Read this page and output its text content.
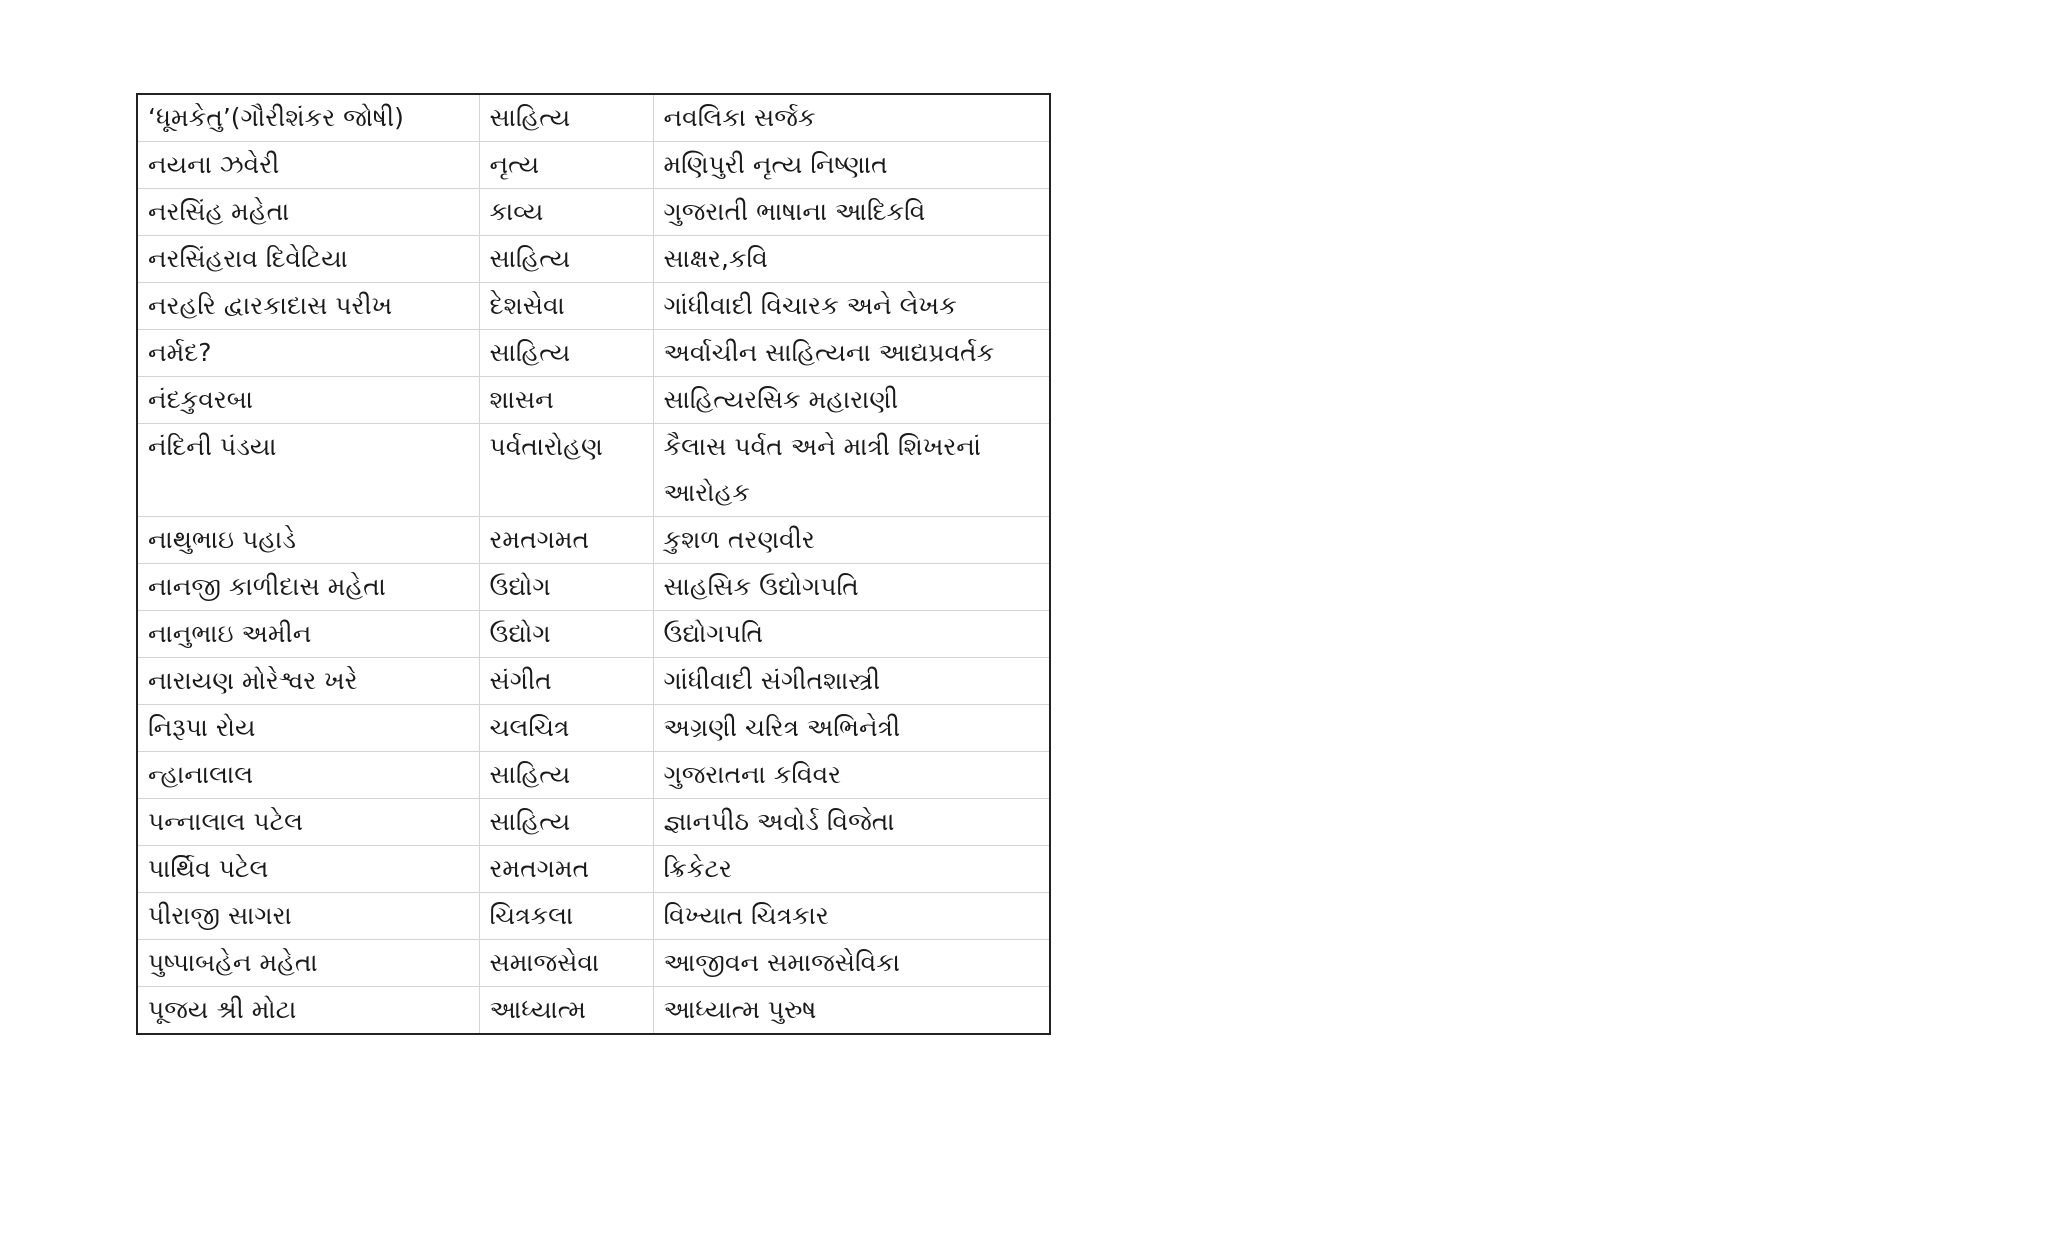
‘ધૂમકેતુ’(ગૌરીશંકર જોષી)	સાહિત્ય	નવલિકા સર્જક
નયના ઝવેરી	નૃત્ય	મણિપુરી નૃત્ય નિષ્ણાત
નરસિંહ મહેતા	કાવ્ય	ગુજરાતી ભાષાના આદિકવિ
નરસિંહરાવ દિવેટિયા	સાહિત્ય	સાક્ષર,કવિ
નરહરિ દ્વારકાદાસ પરીખ	દેશસેવા	ગાંધીવાદી વિચારક અને લેખક
નર્મદ?	સાહિત્ય	અર્વાચીન સાહિત્યના આદ્યપ્રવર્તક
નંદકુવરબા	શાસન	સાહિત્યરસિક મહારાણી
નંદિની પંડયા	પર્વતારોહણ	કૈલાસ પર્વત અને માત્રી શિખરનાં આરોહક
નાથુભાઇ પહાડે	રમતગમત	કુશળ તરણવીર
નાનજી કાળીદાસ મહેતા	ઉદ્યોગ	સાહસિક ઉદ્યોગપતિ
નાનુભાઇ અમીન	ઉદ્યોગ	ઉદ્યોગપતિ
નારાયણ મોરેશ્વર ખરે	સંગીત	ગાંધીવાદી સંગીતશાસ્ત્રી
નિરૂપા રોય	ચલચિત્ર	અગ્રણી ચરિત્ર અભિનેત્રી
ન્હાનાલાલ	સાહિત્ય	ગુજરાતના કવિવર
પન્નાલાલ પટેલ	સાહિત્ય	જ્ઞાનપીઠ અવોર્ડ વિજેતા
પાર્થિવ પટેલ	રમતગમત	ક્રિકેટર
પીરાજી સાગરા	ચિત્રકલા	વિખ્યાત ચિત્રકાર
પુષ્પાબહેન મહેતા	સમાજસેવા	આજીવન સમાજસેવિકા
પૂજય શ્રી મોટા	આધ્યાત્મ	આધ્યાત્મ પુરુષ
